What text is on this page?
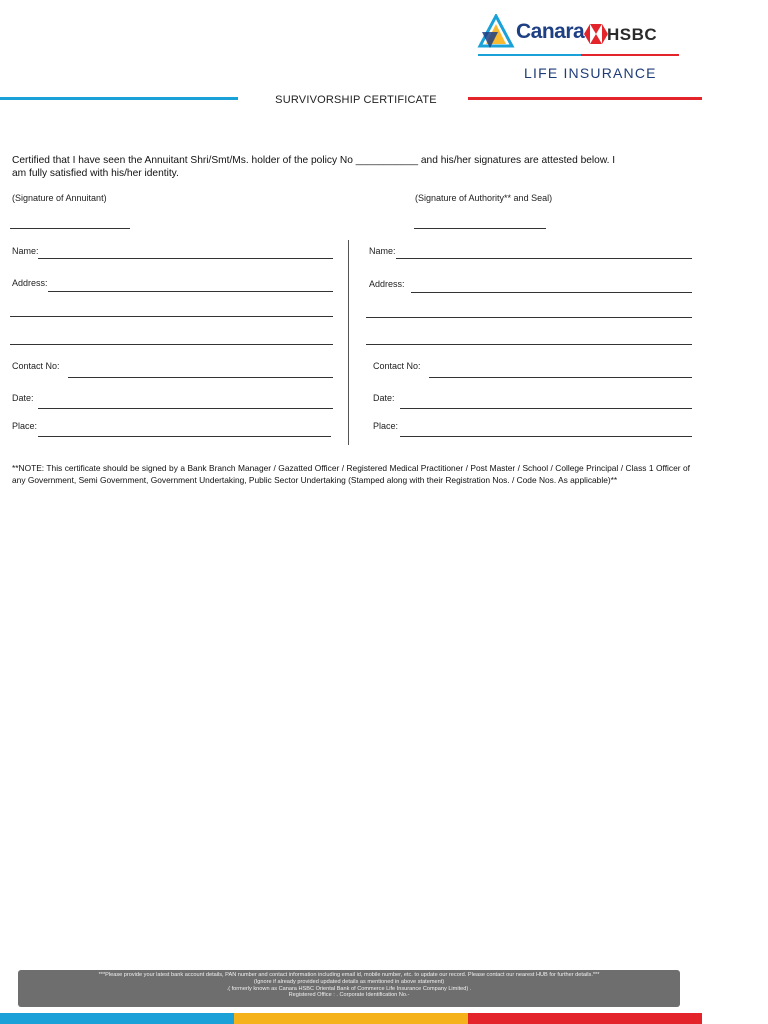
Canara HSBC
LIFE INSURANCE
SURVIVORSHIP CERTIFICATE
Certified that I have seen the Annuitant Shri/Smt/Ms. holder of the policy No ___________ and his/her signatures are attested below. I
am fully satisfied with his/her identity.
(Signature of Annuitant)	(Signature of Authority** and Seal)
Name:
Address:
Contact No:
Date:
Place:
Name:
Address:
Contact No:
Date:
Place:
**NOTE: This certificate should be signed by a Bank Branch Manager / Gazatted Officer / Registered Medical Practitioner / Post Master / School / College Principal / Class 1 Officer of any Government, Semi Government, Government Undertaking, Public Sector Undertaking (Stamped along with their Registration Nos. / Code Nos. As applicable)**
***Please provide your latest bank account details, PAN number and contact information including email id, mobile number, etc. to update our record. Please contact our nearest HUB for further details.***
(Ignore if already provided updated details as mentioned in above statement)
.( formerly known as Canara HSBC Oriental Bank of Commerce Life Insurance Company Limited) .
Registered Office : . Corporate Identification No.-
